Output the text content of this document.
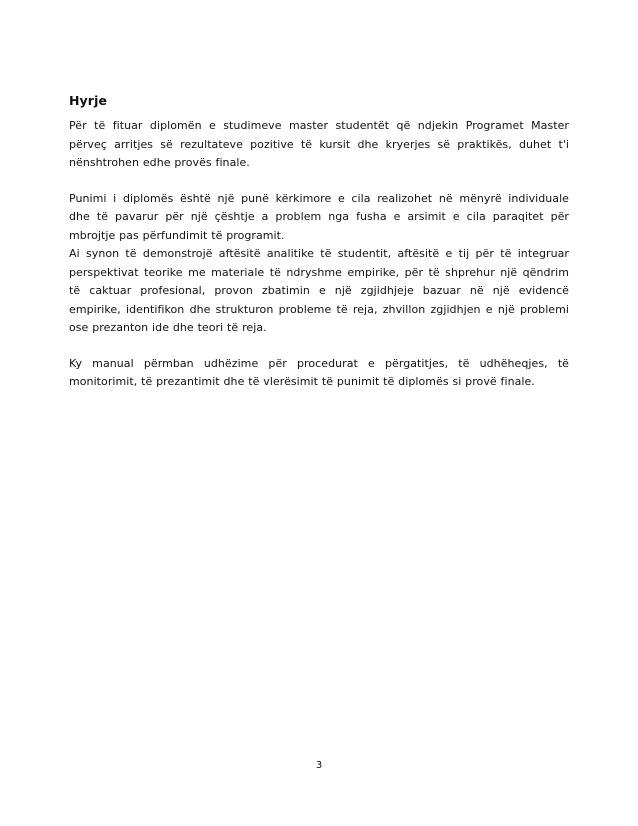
Hyrje
Për të fituar diplomën e studimeve master studentët që ndjekin Programet Master
përveç arritjes së rezultateve pozitive të kursit dhe kryerjes së praktikës, duhet t'i
nënshtrohen edhe provës finale.
Punimi i diplomës është një punë kërkimore e cila realizohet në mënyrë individuale
dhe të pavarur për një çështje a problem nga fusha e arsimit e cila paraqitet për
mbrojtje pas përfundimit të programit.
Ai synon të demonstrojë aftësitë analitike të studentit, aftësitë e tij për të integruar
perspektivat teorike me materiale të ndryshme empirike, për të shprehur një qëndrim
të caktuar profesional, provon zbatimin e një zgjidhjeje bazuar në një evidencë
empirike, identifikon dhe strukturon probleme të reja, zhvillon zgjidhjen e një problemi
ose prezanton ide dhe teori të reja.
Ky manual përmban udhëzime për procedurat e përgatitjes, të udhëheqjes, të
monitorimit, të prezantimit dhe të vlerësimit të punimit të diplomës si provë finale.
3
